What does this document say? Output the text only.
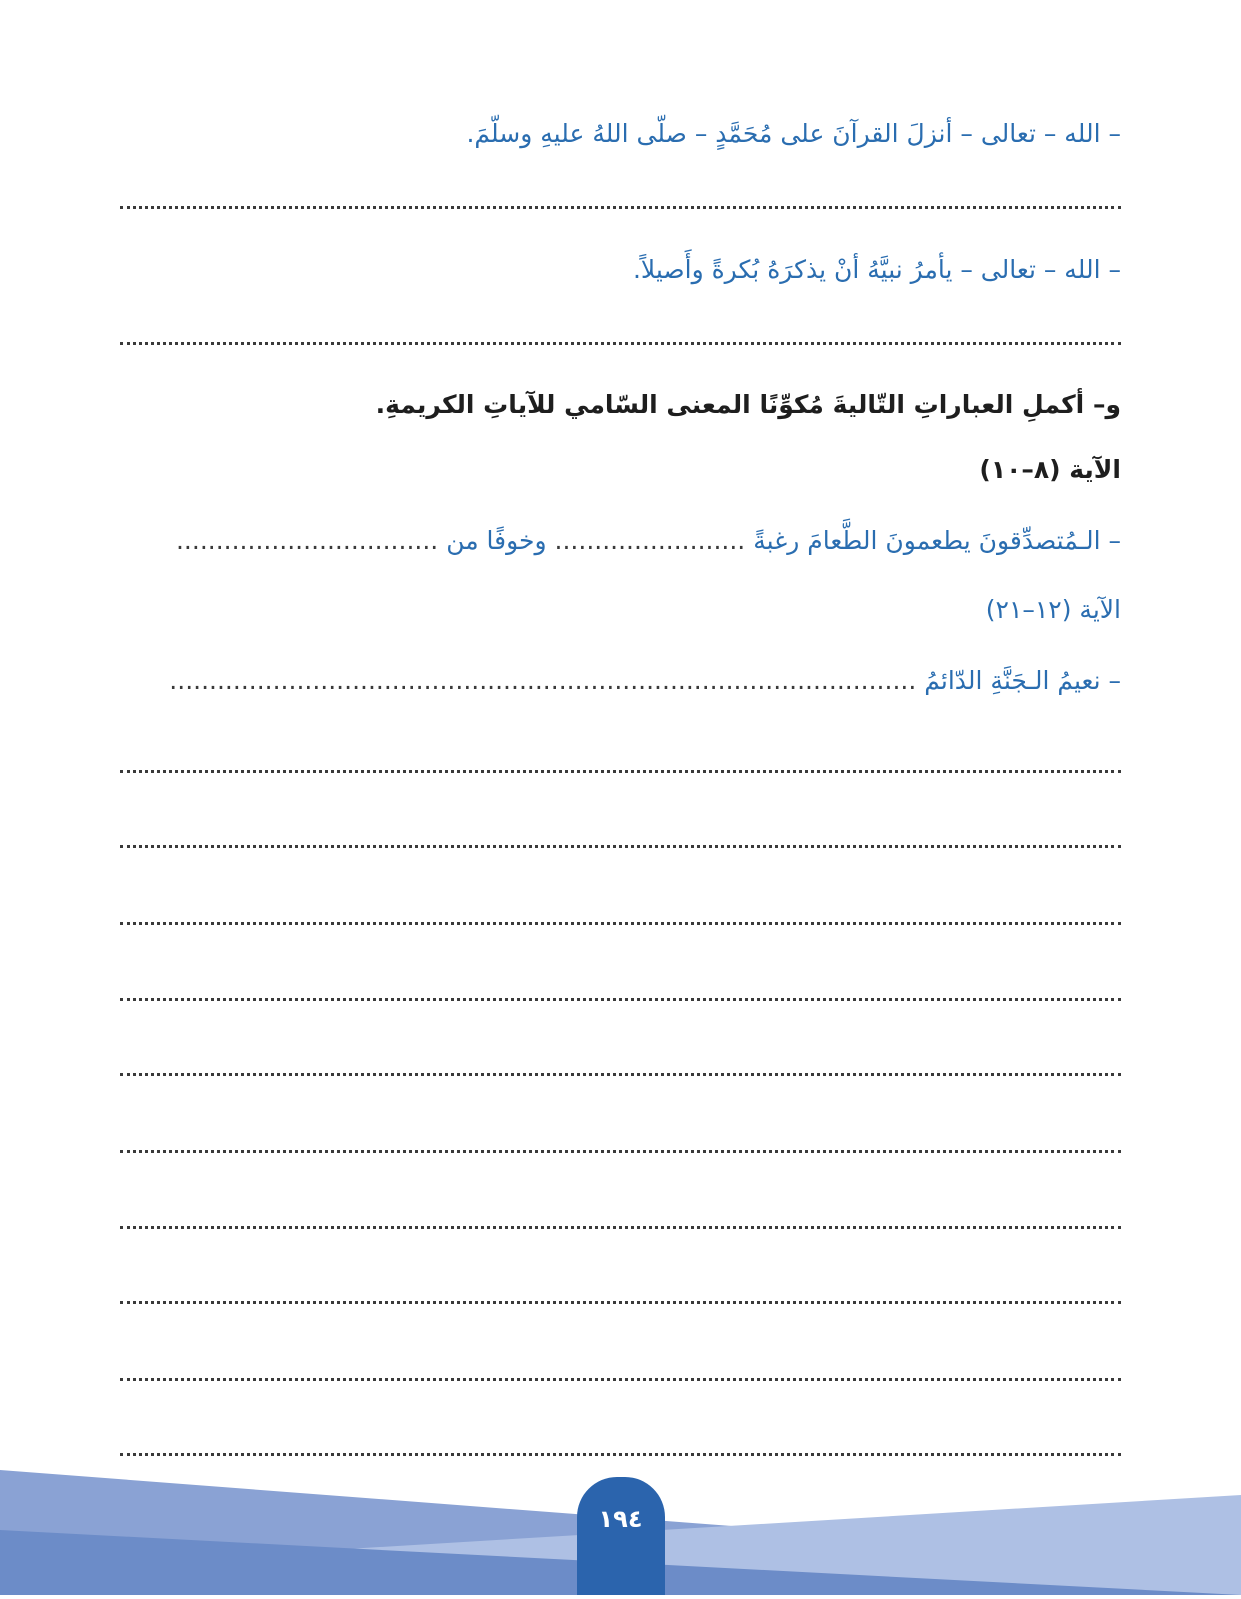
– الله – تعالى – أنزلَ القرآنَ على مُحَمَّدٍ – صلّى اللهُ عليهِ وسلّمَ.
– الله – تعالى – يأمرُ نبيَّهُ أنْ يذكرَهُ بُكرةً وأَصيلاً.
و– أكملِ العباراتِ التّاليةَ مُكوِّنًا المعنى السّامي للآياتِ الكريمةِ.
الآية (٨–١٠)
– الـمُتصدِّقونَ يطعمونَ الطَّعامَ رغبةً ........................ وخوفًا من .................................
الآية (١٢–٢١)
– نعيمُ الـجَنَّةِ الدّائمُ ..............................................................................................
١٩٤
